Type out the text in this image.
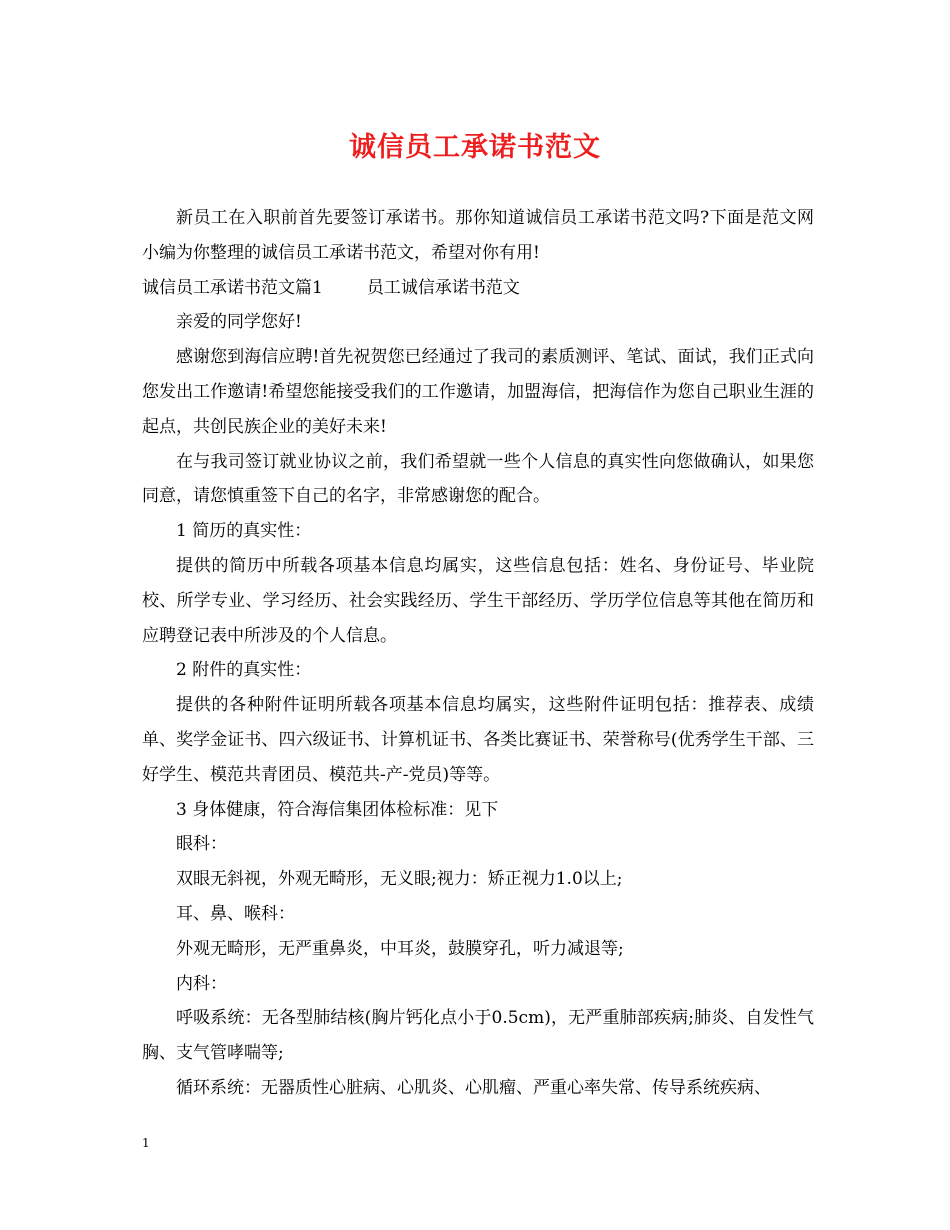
诚信员工承诺书范文

新员工在入职前首先要签订承诺书。那你知道诚信员工承诺书范文吗?下面是范文网小编为你整理的诚信员工承诺书范文，希望对你有用!

诚信员工承诺书范文篇1	员工诚信承诺书范文

亲爱的同学您好!

感谢您到海信应聘!首先祝贺您已经通过了我司的素质测评、笔试、面试，我们正式向您发出工作邀请!希望您能接受我们的工作邀请，加盟海信，把海信作为您自己职业生涯的起点，共创民族企业的美好未来!

在与我司签订就业协议之前，我们希望就一些个人信息的真实性向您做确认，如果您同意，请您慎重签下自己的名字，非常感谢您的配合。

1 简历的真实性：

提供的简历中所载各项基本信息均属实，这些信息包括：姓名、身份证号、毕业院校、所学专业、学习经历、社会实践经历、学生干部经历、学历学位信息等其他在简历和应聘登记表中所涉及的个人信息。

2 附件的真实性：

提供的各种附件证明所载各项基本信息均属实，这些附件证明包括：推荐表、成绩单、奖学金证书、四六级证书、计算机证书、各类比赛证书、荣誉称号(优秀学生干部、三好学生、模范共青团员、模范共-产-党员)等等。

3 身体健康，符合海信集团体检标准：见下

眼科：

双眼无斜视，外观无畸形，无义眼;视力：矫正视力1.0以上;

耳、鼻、喉科：

外观无畸形，无严重鼻炎，中耳炎，鼓膜穿孔，听力减退等;

内科：

呼吸系统：无各型肺结核(胸片钙化点小于0.5cm)，无严重肺部疾病;肺炎、自发性气胸、支气管哮喘等;

循环系统：无器质性心脏病、心肌炎、心肌瘤、严重心率失常、传导系统疾病、

1
